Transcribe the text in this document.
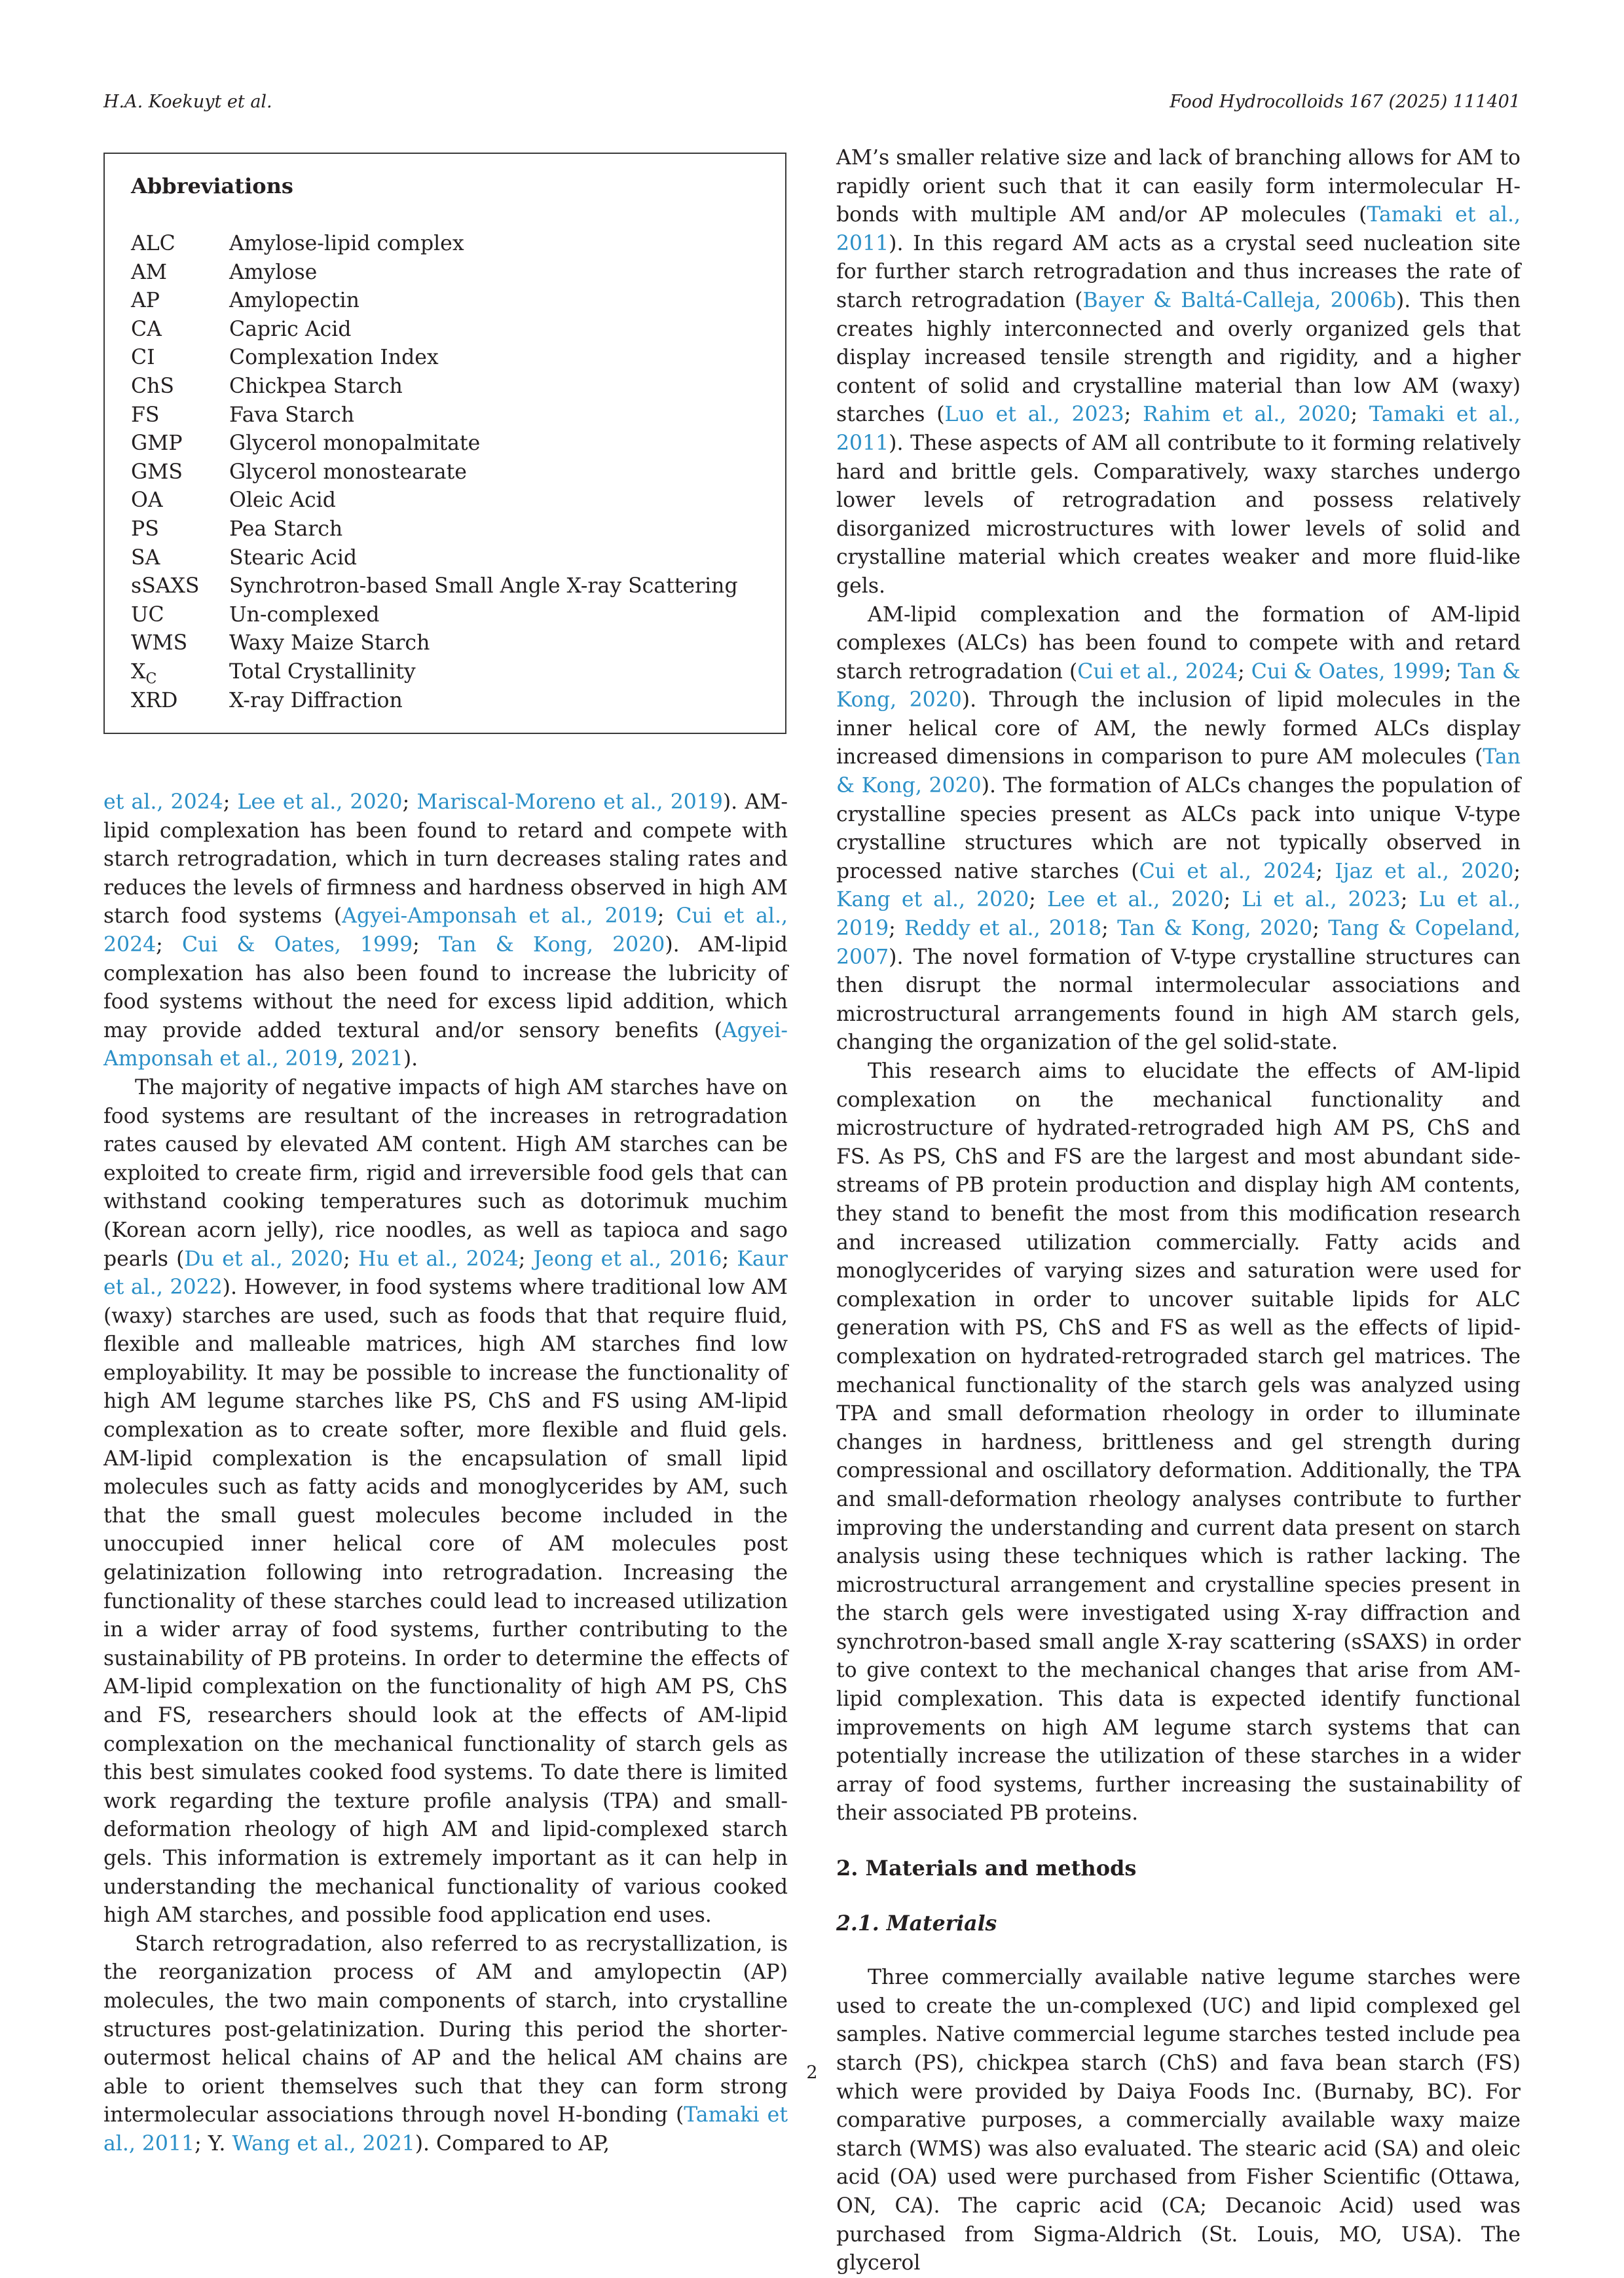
H.A. Koekuyt et al.	Food Hydrocolloids 167 (2025) 111401
Abbreviations
ALC	Amylose-lipid complex
AM	Amylose
AP	Amylopectin
CA	Capric Acid
CI	Complexation Index
ChS	Chickpea Starch
FS	Fava Starch
GMP	Glycerol monopalmitate
GMS	Glycerol monostearate
OA	Oleic Acid
PS	Pea Starch
SA	Stearic Acid
sSAXS	Synchrotron-based Small Angle X-ray Scattering
UC	Un-complexed
WMS	Waxy Maize Starch
$X_C$	Total Crystallinity
XRD	X-ray Diffraction

et al., 2024; Lee et al., 2020; Mariscal-Moreno et al., 2019). AM-lipid complexation has been found to retard and compete with starch retrogradation, which in turn decreases staling rates and reduces the levels of firmness and hardness observed in high AM starch food systems (Agyei-Amponsah et al., 2019; Cui et al., 2024; Cui & Oates, 1999; Tan & Kong, 2020). AM-lipid complexation has also been found to increase the lubricity of food systems without the need for excess lipid addition, which may provide added textural and/or sensory benefits (Agyei-Amponsah et al., 2019, 2021).

The majority of negative impacts of high AM starches have on food systems are resultant of the increases in retrogradation rates caused by elevated AM content. High AM starches can be exploited to create firm, rigid and irreversible food gels that can withstand cooking temperatures such as dotorimuk muchim (Korean acorn jelly), rice noodles, as well as tapioca and sago pearls (Du et al., 2020; Hu et al., 2024; Jeong et al., 2016; Kaur et al., 2022). However, in food systems where traditional low AM (waxy) starches are used, such as foods that that require fluid, flexible and malleable matrices, high AM starches find low employability. It may be possible to increase the functionality of high AM legume starches like PS, ChS and FS using AM-lipid complexation as to create softer, more flexible and fluid gels. AM-lipid complexation is the encapsulation of small lipid molecules such as fatty acids and monoglycerides by AM, such that the small guest molecules become included in the unoccupied inner helical core of AM molecules post gelatinization following into retrogradation. Increasing the functionality of these starches could lead to increased utilization in a wider array of food systems, further contributing to the sustainability of PB proteins. In order to determine the effects of AM-lipid complexation on the functionality of high AM PS, ChS and FS, researchers should look at the effects of AM-lipid complexation on the mechanical functionality of starch gels as this best simulates cooked food systems. To date there is limited work regarding the texture profile analysis (TPA) and small-deformation rheology of high AM and lipid-complexed starch gels. This information is extremely important as it can help in understanding the mechanical functionality of various cooked high AM starches, and possible food application end uses.

Starch retrogradation, also referred to as recrystallization, is the reorganization process of AM and amylopectin (AP) molecules, the two main components of starch, into crystalline structures post-gelatinization. During this period the shorter-outermost helical chains of AP and the helical AM chains are able to orient themselves such that they can form strong intermolecular associations through novel H-bonding (Tamaki et al., 2011; Y. Wang et al., 2021). Compared to AP,

AM’s smaller relative size and lack of branching allows for AM to rapidly orient such that it can easily form intermolecular H-bonds with multiple AM and/or AP molecules (Tamaki et al., 2011). In this regard AM acts as a crystal seed nucleation site for further starch retrogradation and thus increases the rate of starch retrogradation (Bayer & Baltá-Calleja, 2006b). This then creates highly interconnected and overly organized gels that display increased tensile strength and rigidity, and a higher content of solid and crystalline material than low AM (waxy) starches (Luo et al., 2023; Rahim et al., 2020; Tamaki et al., 2011). These aspects of AM all contribute to it forming relatively hard and brittle gels. Comparatively, waxy starches undergo lower levels of retrogradation and possess relatively disorganized microstructures with lower levels of solid and crystalline material which creates weaker and more fluid-like gels.

AM-lipid complexation and the formation of AM-lipid complexes (ALCs) has been found to compete with and retard starch retrogradation (Cui et al., 2024; Cui & Oates, 1999; Tan & Kong, 2020). Through the inclusion of lipid molecules in the inner helical core of AM, the newly formed ALCs display increased dimensions in comparison to pure AM molecules (Tan & Kong, 2020). The formation of ALCs changes the population of crystalline species present as ALCs pack into unique V-type crystalline structures which are not typically observed in processed native starches (Cui et al., 2024; Ijaz et al., 2020; Kang et al., 2020; Lee et al., 2020; Li et al., 2023; Lu et al., 2019; Reddy et al., 2018; Tan & Kong, 2020; Tang & Copeland, 2007). The novel formation of V-type crystalline structures can then disrupt the normal intermolecular associations and microstructural arrangements found in high AM starch gels, changing the organization of the gel solid-state.

This research aims to elucidate the effects of AM-lipid complexation on the mechanical functionality and microstructure of hydrated-retrograded high AM PS, ChS and FS. As PS, ChS and FS are the largest and most abundant side-streams of PB protein production and display high AM contents, they stand to benefit the most from this modification research and increased utilization commercially. Fatty acids and monoglycerides of varying sizes and saturation were used for complexation in order to uncover suitable lipids for ALC generation with PS, ChS and FS as well as the effects of lipid-complexation on hydrated-retrograded starch gel matrices. The mechanical functionality of the starch gels was analyzed using TPA and small deformation rheology in order to illuminate changes in hardness, brittleness and gel strength during compressional and oscillatory deformation. Additionally, the TPA and small-deformation rheology analyses contribute to further improving the understanding and current data present on starch analysis using these techniques which is rather lacking. The microstructural arrangement and crystalline species present in the starch gels were investigated using X-ray diffraction and synchrotron-based small angle X-ray scattering (sSAXS) in order to give context to the mechanical changes that arise from AM-lipid complexation. This data is expected identify functional improvements on high AM legume starch systems that can potentially increase the utilization of these starches in a wider array of food systems, further increasing the sustainability of their associated PB proteins.

2. Materials and methods
2.1. Materials

Three commercially available native legume starches were used to create the un-complexed (UC) and lipid complexed gel samples. Native commercial legume starches tested include pea starch (PS), chickpea starch (ChS) and fava bean starch (FS) which were provided by Daiya Foods Inc. (Burnaby, BC). For comparative purposes, a commercially available waxy maize starch (WMS) was also evaluated. The stearic acid (SA) and oleic acid (OA) used were purchased from Fisher Scientific (Ottawa, ON, CA). The capric acid (CA; Decanoic Acid) used was purchased from Sigma-Aldrich (St. Louis, MO, USA). The glycerol

2
